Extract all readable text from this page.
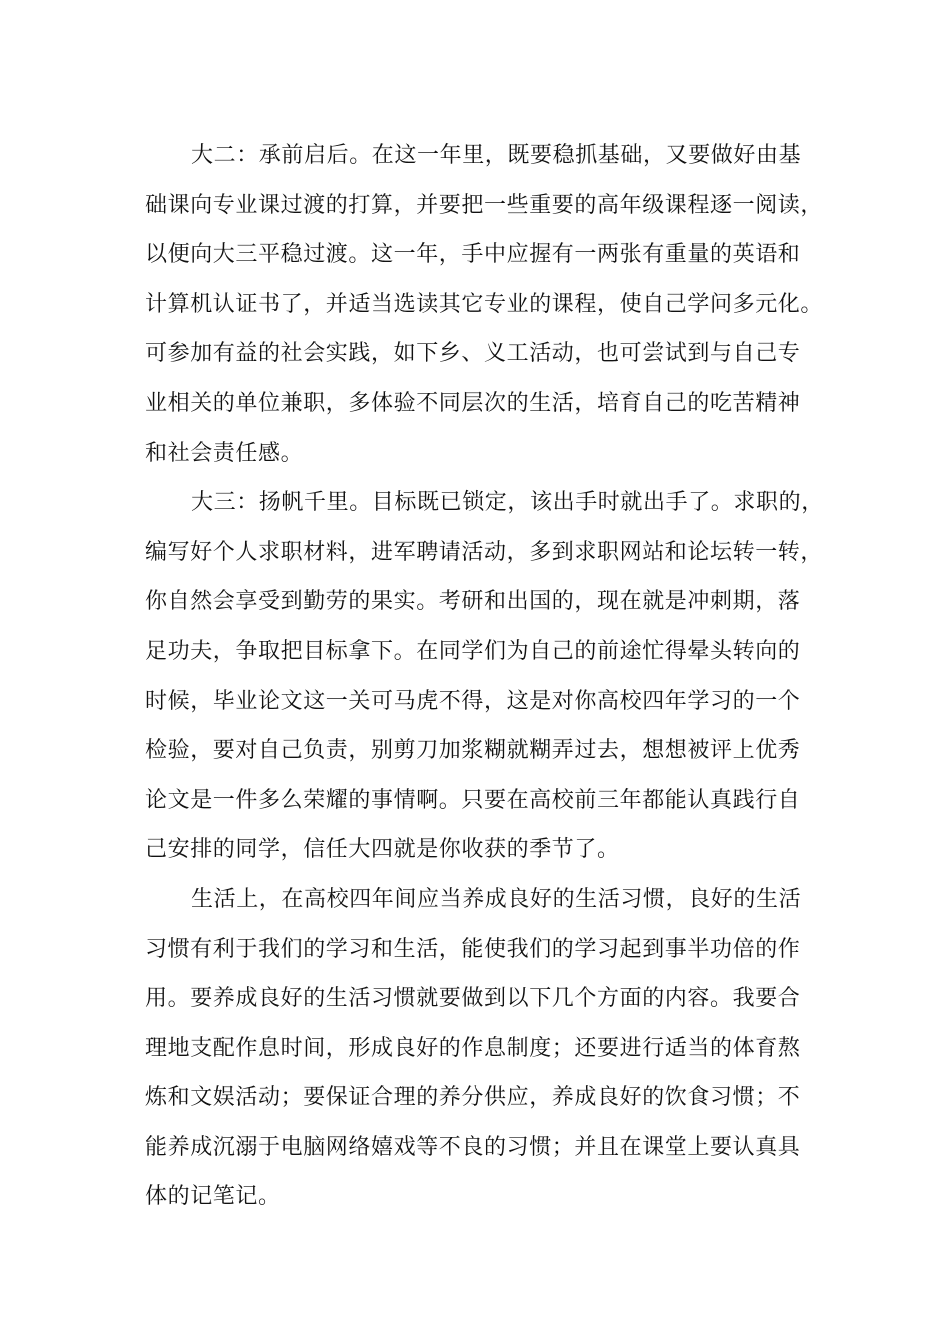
大二：承前启后。在这一年里，既要稳抓基础，又要做好由基
础课向专业课过渡的打算，并要把一些重要的高年级课程逐一阅读，
以便向大三平稳过渡。这一年，手中应握有一两张有重量的英语和
计算机认证书了，并适当选读其它专业的课程，使自己学问多元化。
可参加有益的社会实践，如下乡、义工活动，也可尝试到与自己专
业相关的单位兼职，多体验不同层次的生活，培育自己的吃苦精神
和社会责任感。
大三：扬帆千里。目标既已锁定，该出手时就出手了。求职的，
编写好个人求职材料，进军聘请活动，多到求职网站和论坛转一转，
你自然会享受到勤劳的果实。考研和出国的，现在就是冲刺期，落
足功夫，争取把目标拿下。在同学们为自己的前途忙得晕头转向的
时候，毕业论文这一关可马虎不得，这是对你高校四年学习的一个
检验，要对自己负责，别剪刀加浆糊就糊弄过去，想想被评上优秀
论文是一件多么荣耀的事情啊。只要在高校前三年都能认真践行自
己安排的同学，信任大四就是你收获的季节了。
生活上，在高校四年间应当养成良好的生活习惯，良好的生活
习惯有利于我们的学习和生活，能使我们的学习起到事半功倍的作
用。要养成良好的生活习惯就要做到以下几个方面的内容。我要合
理地支配作息时间，形成良好的作息制度；还要进行适当的体育熬
炼和文娱活动；要保证合理的养分供应，养成良好的饮食习惯；不
能养成沉溺于电脑网络嬉戏等不良的习惯；并且在课堂上要认真具
体的记笔记。
